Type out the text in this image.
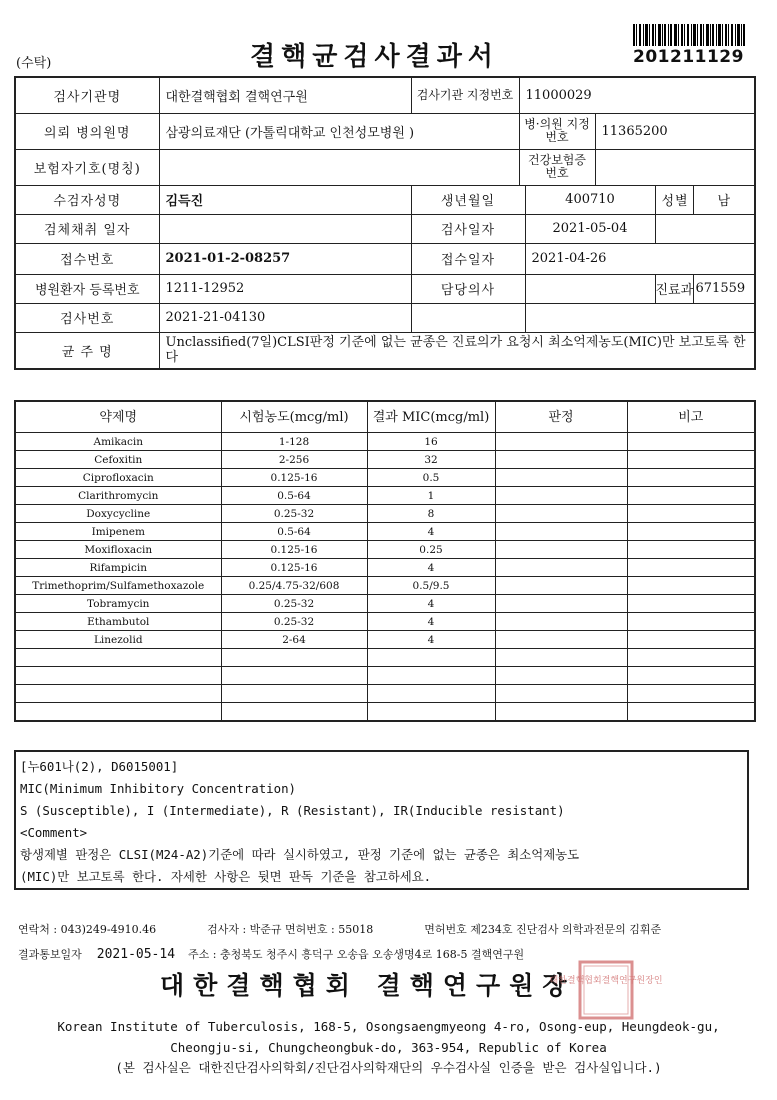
201211129
(수탁)	결핵균검사결과서
검사기관명	대한결핵협회 결핵연구원	검사기관 지정번호	11000029				
의뢰 병의원명	삼광의료재단 (가톨릭대학교 인천성모병원 )		병·의원 지정번호		11365200		
보험자기호(명칭)			건강보험증 번호				
수검자성명	김득진	생년월일		400710		성별	남
검체채취 일자		검사일자		2021-05-04			
접수번호	2021-01-2-08257	접수일자		2021-04-26			
병원환자 등록번호	1211-12952	담당의사				진료과	671559
검사번호	2021-21-04130						
균 주 명	Unclassified(7일)CLSI판정 기준에 없는 균종은 진료의가 요청시 최소억제농도(MIC)만 보고토록 한다						
약제명	시험농도(mcg/ml)	결과 MIC(mcg/ml)	판정	비고
Amikacin	1-128	16		
Cefoxitin	2-256	32		
Ciprofloxacin	0.125-16	0.5		
Clarithromycin	0.5-64	1		
Doxycycline	0.25-32	8		
Imipenem	0.5-64	4		
Moxifloxacin	0.125-16	0.25		
Rifampicin	0.125-16	4		
Trimethoprim/Sulfamethoxazole	0.25/4.75-32/608	0.5/9.5		
Tobramycin	0.25-32	4		
Ethambutol	0.25-32	4		
Linezolid	2-64	4		

[누601나(2), D6015001]
MIC(Minimum Inhibitory Concentration)
S (Susceptible), I (Intermediate), R (Resistant), IR(Inducible resistant)
<Comment>
항생제별 판정은 CLSI(M24-A2)기준에 따라 실시하였고, 판정 기준에 없는 균종은 최소억제농도
(MIC)만 보고토록 한다. 자세한 사항은 뒷면 판독 기준을 참고하세요.
연락처 : 043)249-4910.46	검사자 : 박준규 면허번호 : 55018	면허번호 제234호 진단검사 의학과전문의 김휘준
결과통보일자 2021-05-14 주소 : 충청북도 청주시 흥덕구 오송읍 오송생명4로 168-5 결핵연구원
대한결핵협회 결핵연구원장
대한결핵협회결핵연구원장인
Korean Institute of Tuberculosis, 168-5, Osongsaengmyeong 4-ro, Osong-eup, Heungdeok-gu,
Cheongju-si, Chungcheongbuk-do, 363-954, Republic of Korea
(본 검사실은 대한진단검사의학회/진단검사의학재단의 우수검사실 인증을 받은 검사실입니다.)
